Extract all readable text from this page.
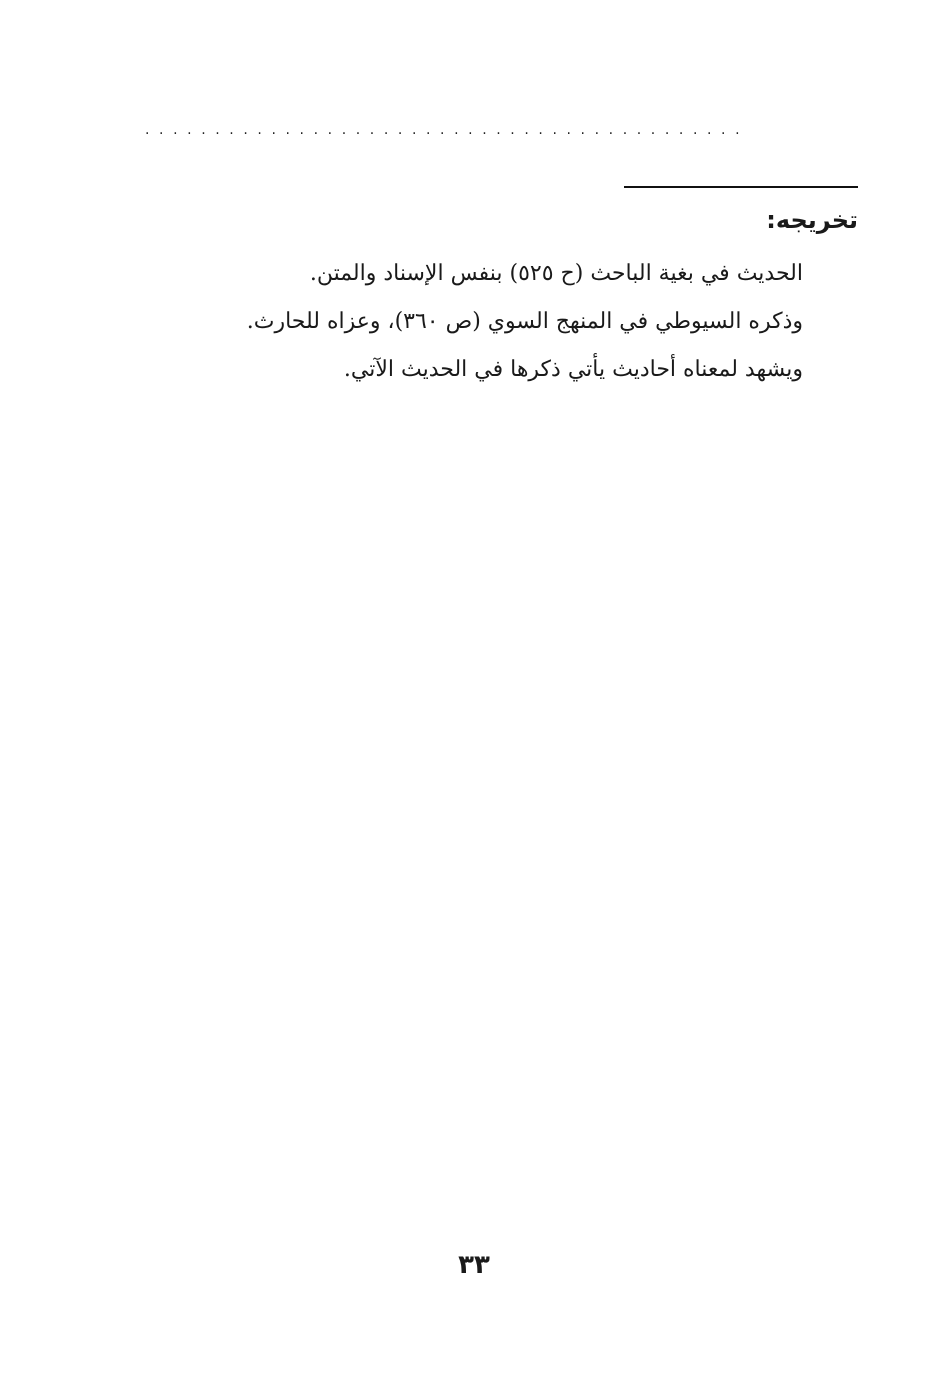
...........................................
تخريجه:
الحديث في بغية الباحث (ح ٥٢٥) بنفس الإسناد والمتن.
وذكره السيوطي في المنهج السوي (ص ٣٦٠)، وعزاه للحارث.
ويشهد لمعناه أحاديث يأتي ذكرها في الحديث الآتي.
٣٣
